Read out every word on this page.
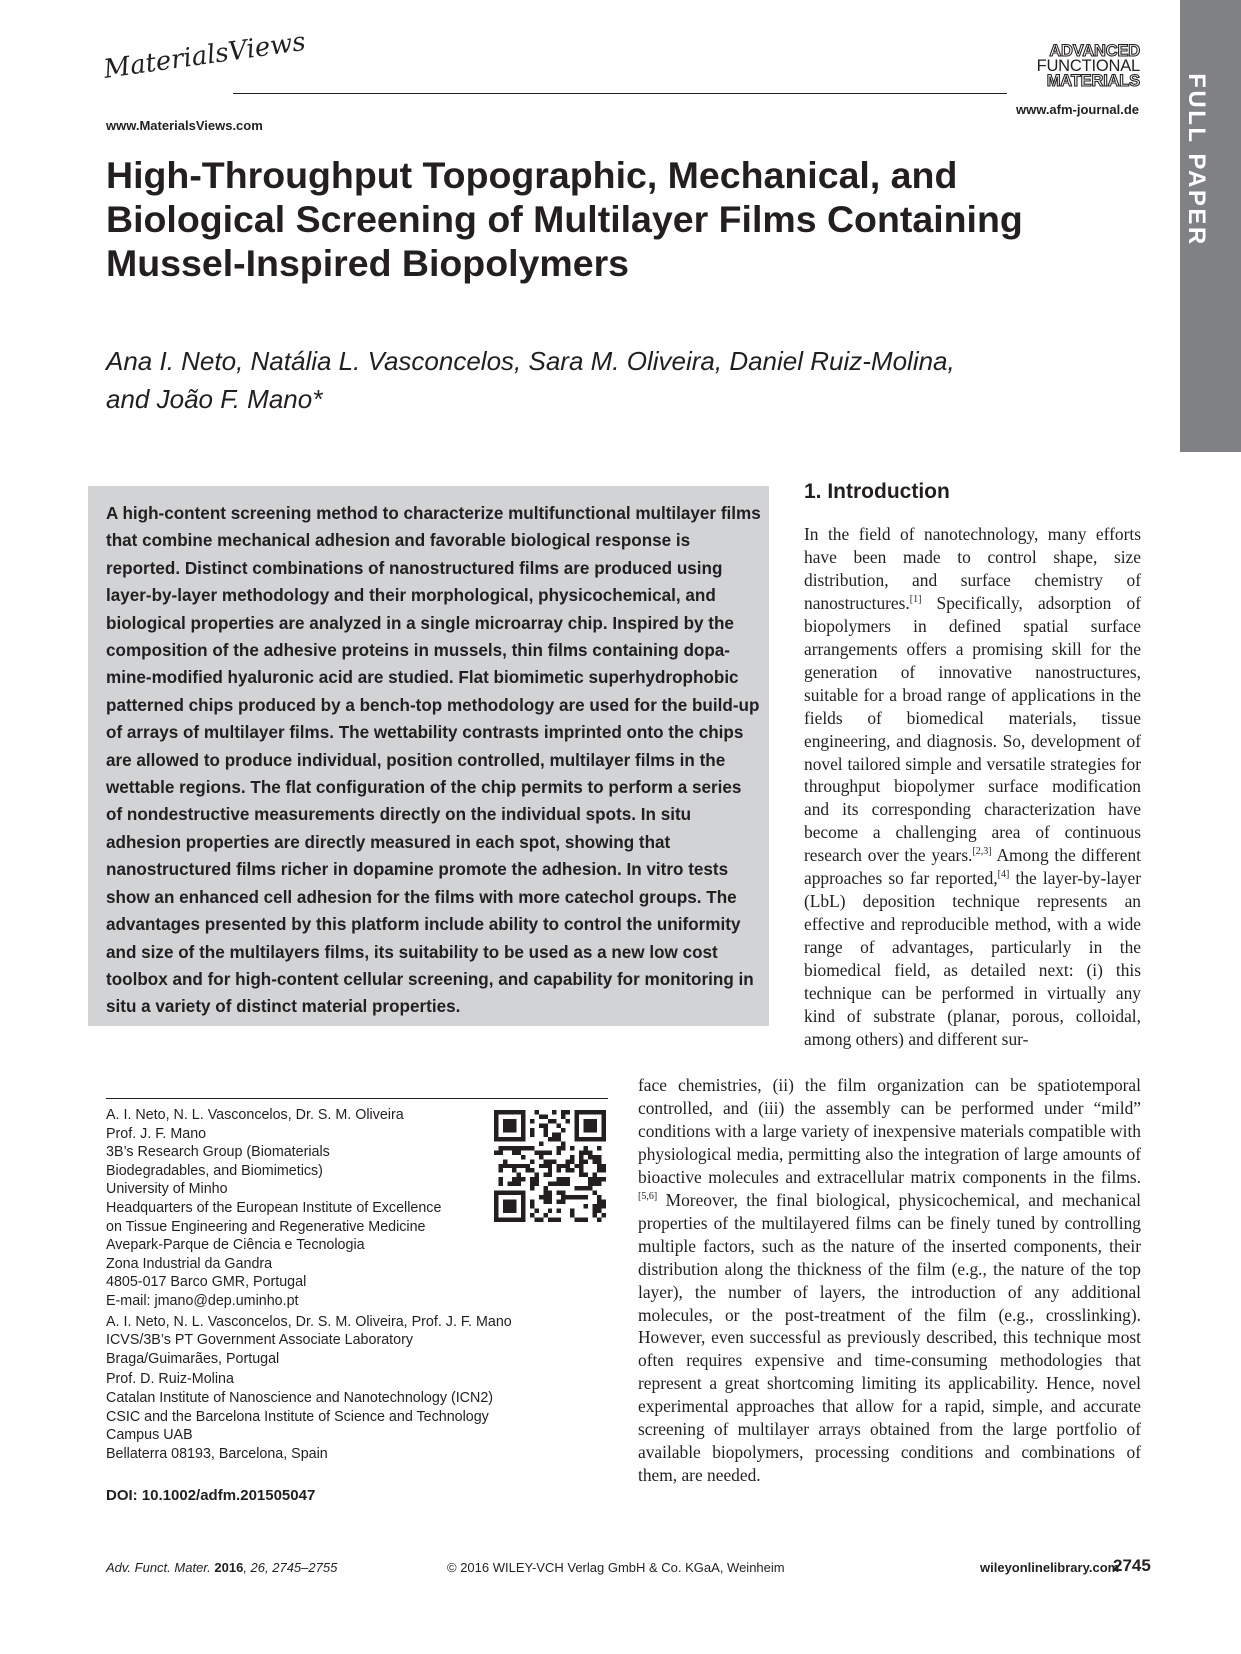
MaterialsViews
www.MaterialsViews.com
ADVANCED
FUNCTIONAL
MATERIALS
www.afm-journal.de FULL PAPER
High-Throughput Topographic, Mechanical, and Biological Screening of Multilayer Films Containing Mussel-Inspired Biopolymers
Ana I. Neto, Natália L. Vasconcelos, Sara M. Oliveira, Daniel Ruiz-Molina,
and João F. Mano*

A high-content screening method to characterize multifunctional multilayer films that combine mechanical adhesion and favorable biological response is reported. Distinct combinations of nanostructured films are produced using layer-by-layer methodology and their morphological, physicochemical, and biological properties are analyzed in a single microarray chip. Inspired by the composition of the adhesive proteins in mussels, thin films containing dopa-mine-modified hyaluronic acid are studied. Flat biomimetic superhydrophobic patterned chips produced by a bench-top methodology are used for the build-up of arrays of multilayer films. The wettability contrasts imprinted onto the chips are allowed to produce individual, position controlled, multilayer films in the wettable regions. The flat configuration of the chip permits to perform a series of nondestructive measurements directly on the individual spots. In situ adhesion properties are directly measured in each spot, showing that nanostructured films richer in dopamine promote the adhesion. In vitro tests show an enhanced cell adhesion for the films with more catechol groups. The advantages presented by this platform include ability to control the uniformity and size of the multilayers films, its suitability to be used as a new low cost toolbox and for high-content cellular screening, and capability for monitoring in situ a variety of distinct material properties.

1. Introduction

In the field of nanotechnology, many efforts have been made to control shape, size distribution, and surface chemistry of nanostructures.[1] Specifically, adsorption of biopolymers in defined spatial surface arrangements offers a promising skill for the generation of innovative nanostructures, suitable for a broad range of applications in the fields of biomedical materials, tissue engineering, and diagnosis. So, development of novel tailored simple and versatile strategies for throughput biopolymer surface modification and its corresponding characterization have become a challenging area of continuous research over the years.[2,3] Among the different approaches so far reported,[4] the layer-by-layer (LbL) deposition technique represents an effective and reproducible method, with a wide range of advantages, particularly in the biomedical field, as detailed next: (i) this technique can be performed in virtually any kind of substrate (planar, porous, colloidal, among others) and different sur-

face chemistries, (ii) the film organization can be spatiotemporal controlled, and (iii) the assembly can be performed under “mild” conditions with a large variety of inexpensive materials compatible with physiological media, permitting also the integration of large amounts of bioactive molecules and extracellular matrix components in the films.[5,6] Moreover, the final biological, physicochemical, and mechanical properties of the multilayered films can be finely tuned by controlling multiple factors, such as the nature of the inserted components, their distribution along the thickness of the film (e.g., the nature of the top layer), the number of layers, the introduction of any additional molecules, or the post-treatment of the film (e.g., crosslinking). However, even successful as previously described, this technique most often requires expensive and time-consuming methodologies that represent a great shortcoming limiting its applicability. Hence, novel experimental approaches that allow for a rapid, simple, and accurate screening of multilayer arrays obtained from the large portfolio of available biopolymers, processing conditions and combinations of them, are needed.

A. I. Neto, N. L. Vasconcelos, Dr. S. M. Oliveira
Prof. J. F. Mano
3B’s Research Group (Biomaterials
Biodegradables, and Biomimetics)
University of Minho
Headquarters of the European Institute of Excellence
on Tissue Engineering and Regenerative Medicine
Avepark-Parque de Ciência e Tecnologia
Zona Industrial da Gandra
4805-017 Barco GMR, Portugal
E-mail: jmano@dep.uminho.pt
A. I. Neto, N. L. Vasconcelos, Dr. S. M. Oliveira, Prof. J. F. Mano
ICVS/3B’s PT Government Associate Laboratory
Braga/Guimarães, Portugal
Prof. D. Ruiz-Molina
Catalan Institute of Nanoscience and Nanotechnology (ICN2)
CSIC and the Barcelona Institute of Science and Technology
Campus UAB
Bellaterra 08193, Barcelona, Spain
DOI: 10.1002/adfm.201505047
Adv. Funct. Mater. 2016, 26, 2745–2755	© 2016 WILEY-VCH Verlag GmbH & Co. KGaA, Weinheim	wileyonlinelibrary.com
2745
